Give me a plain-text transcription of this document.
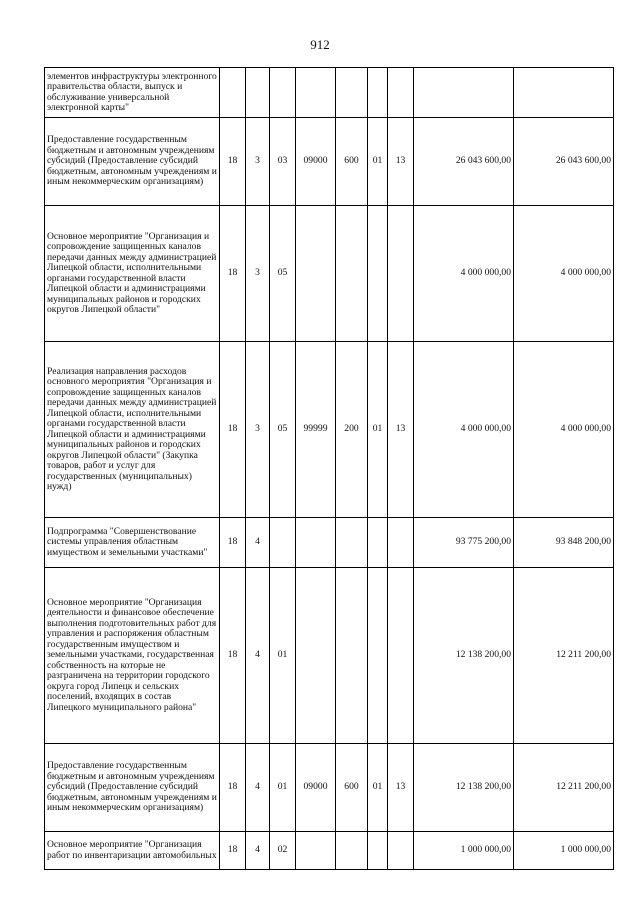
912
элементов инфраструктуры электронного правительства области, выпуск и обслуживание универсальной электронной карты"									
Предоставление государственным бюджетным и автономным учреждениям субсидий (Предоставление субсидий бюджетным, автономным учреждениям и иным некоммерческим организациям)	18	3	03	09000	600	01	13	26 043 600,00	26 043 600,00
Основное мероприятие "Организация и сопровождение защищенных каналов передачи данных между администрацией Липецкой области, исполнительными органами государственной власти Липецкой области и администрациями муниципальных районов и городских округов Липецкой области"	18	3	05					4 000 000,00	4 000 000,00
Реализация направления расходов основного мероприятия "Организация и сопровождение защищенных каналов передачи данных между администрацией Липецкой области, исполнительными органами государственной власти Липецкой области и администрациями муниципальных районов и городских округов Липецкой области" (Закупка товаров, работ и услуг для государственных (муниципальных) нужд)	18	3	05	99999	200	01	13	4 000 000,00	4 000 000,00
Подпрограмма "Совершенствование системы управления областным имуществом и земельными участками"	18	4						93 775 200,00	93 848 200,00
Основное мероприятие "Организация деятельности и финансовое обеспечение выполнения подготовительных работ для управления и распоряжения областным государственным имуществом и земельными участками, государственная собственность на которые не разграничена на территории городского округа город Липецк и сельских поселений, входящих в состав Липецкого муниципального района"	18	4	01					12 138 200,00	12 211 200,00
Предоставление государственным бюджетным и автономным учреждениям субсидий (Предоставление субсидий бюджетным, автономным учреждениям и иным некоммерческим организациям)	18	4	01	09000	600	01	13	12 138 200,00	12 211 200,00
Основное мероприятие "Организация работ по инвентаризации автомобильных	18	4	02					1 000 000,00	1 000 000,00
